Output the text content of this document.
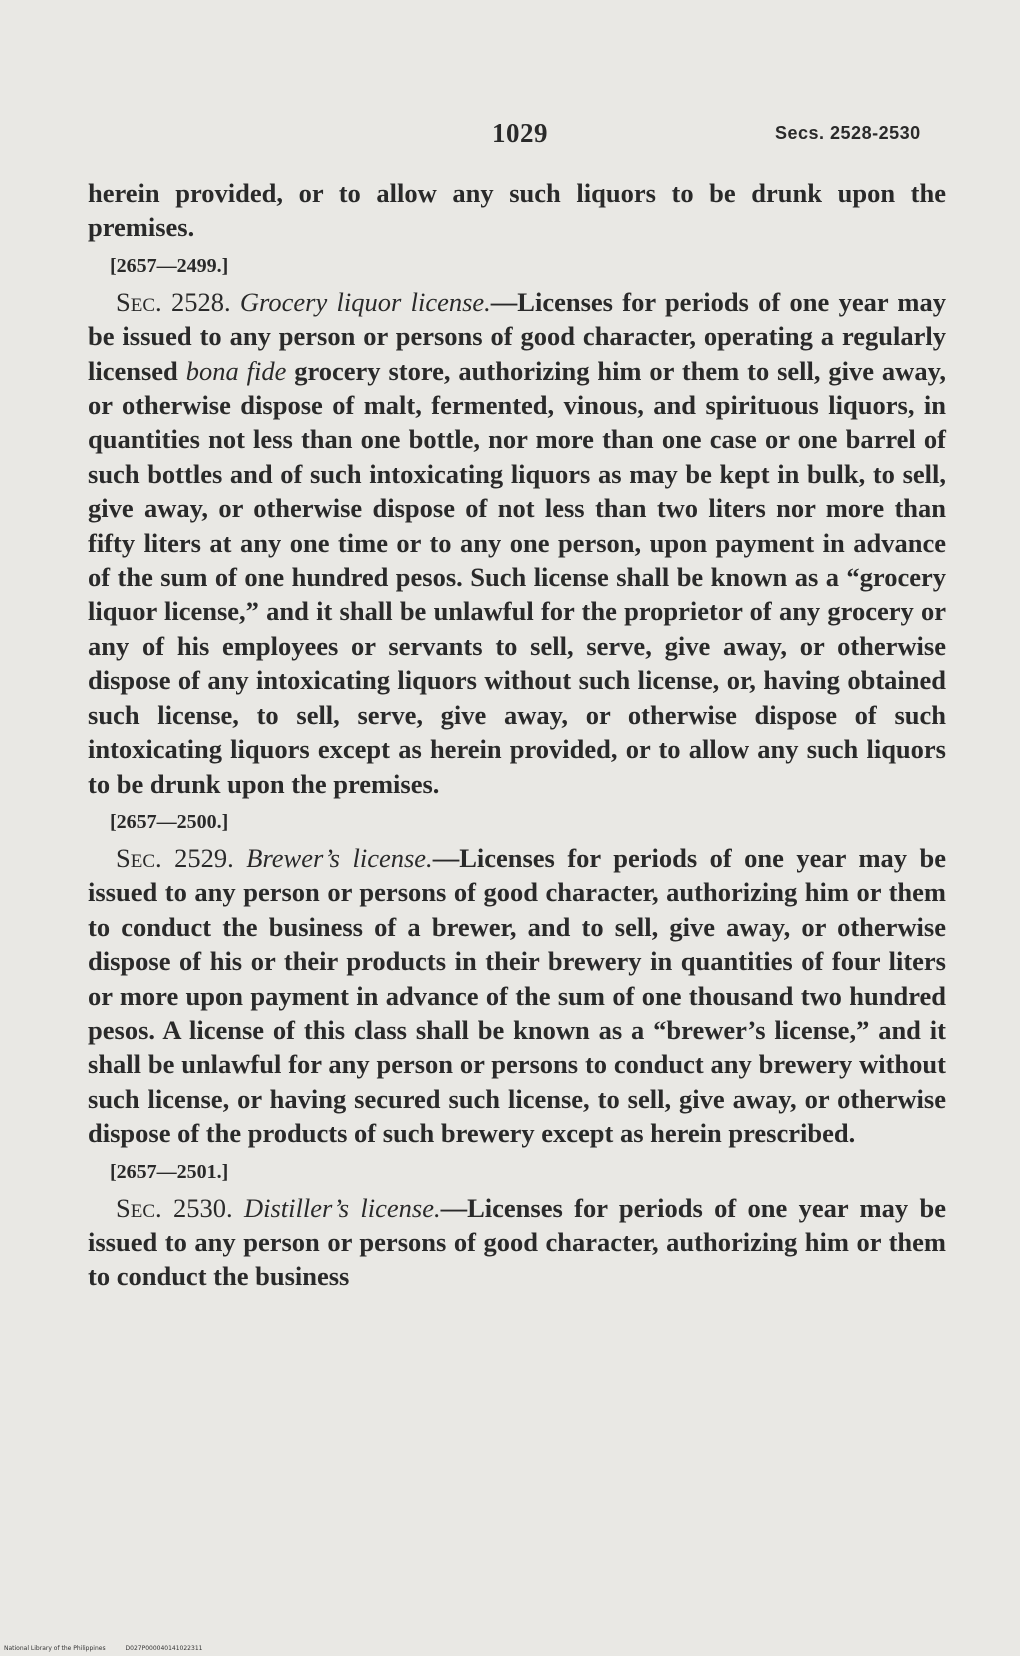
1029	Secs. 2528-2530

herein provided, or to allow any such liquors to be drunk upon the premises.

[2657—2499.]

Sec. 2528. Grocery liquor license.—Licenses for periods of one year may be issued to any person or persons of good character, operating a regularly licensed bona fide grocery store, authorizing him or them to sell, give away, or otherwise dispose of malt, fermented, vinous, and spirituous liquors, in quantities not less than one bottle, nor more than one case or one barrel of such bottles and of such intoxicating liquors as may be kept in bulk, to sell, give away, or otherwise dispose of not less than two liters nor more than fifty liters at any one time or to any one person, upon payment in advance of the sum of one hundred pesos. Such license shall be known as a “grocery liquor license,” and it shall be unlawful for the proprietor of any grocery or any of his employees or servants to sell, serve, give away, or otherwise dispose of any intoxicating liquors without such license, or, having obtained such license, to sell, serve, give away, or otherwise dispose of such intoxicating liquors except as herein provided, or to allow any such liquors to be drunk upon the premises.

[2657—2500.]

Sec. 2529. Brewer’s license.—Licenses for periods of one year may be issued to any person or persons of good character, authorizing him or them to conduct the business of a brewer, and to sell, give away, or otherwise dispose of his or their products in their brewery in quantities of four liters or more upon payment in advance of the sum of one thousand two hundred pesos. A license of this class shall be known as a “brewer’s license,” and it shall be unlawful for any person or persons to conduct any brewery without such license, or having secured such license, to sell, give away, or otherwise dispose of the products of such brewery except as herein prescribed.

[2657—2501.]

Sec. 2530. Distiller’s license.—Licenses for periods of one year may be issued to any person or persons of good character, authorizing him or them to conduct the business

National Library of the Philippines	D027P000040141022311
